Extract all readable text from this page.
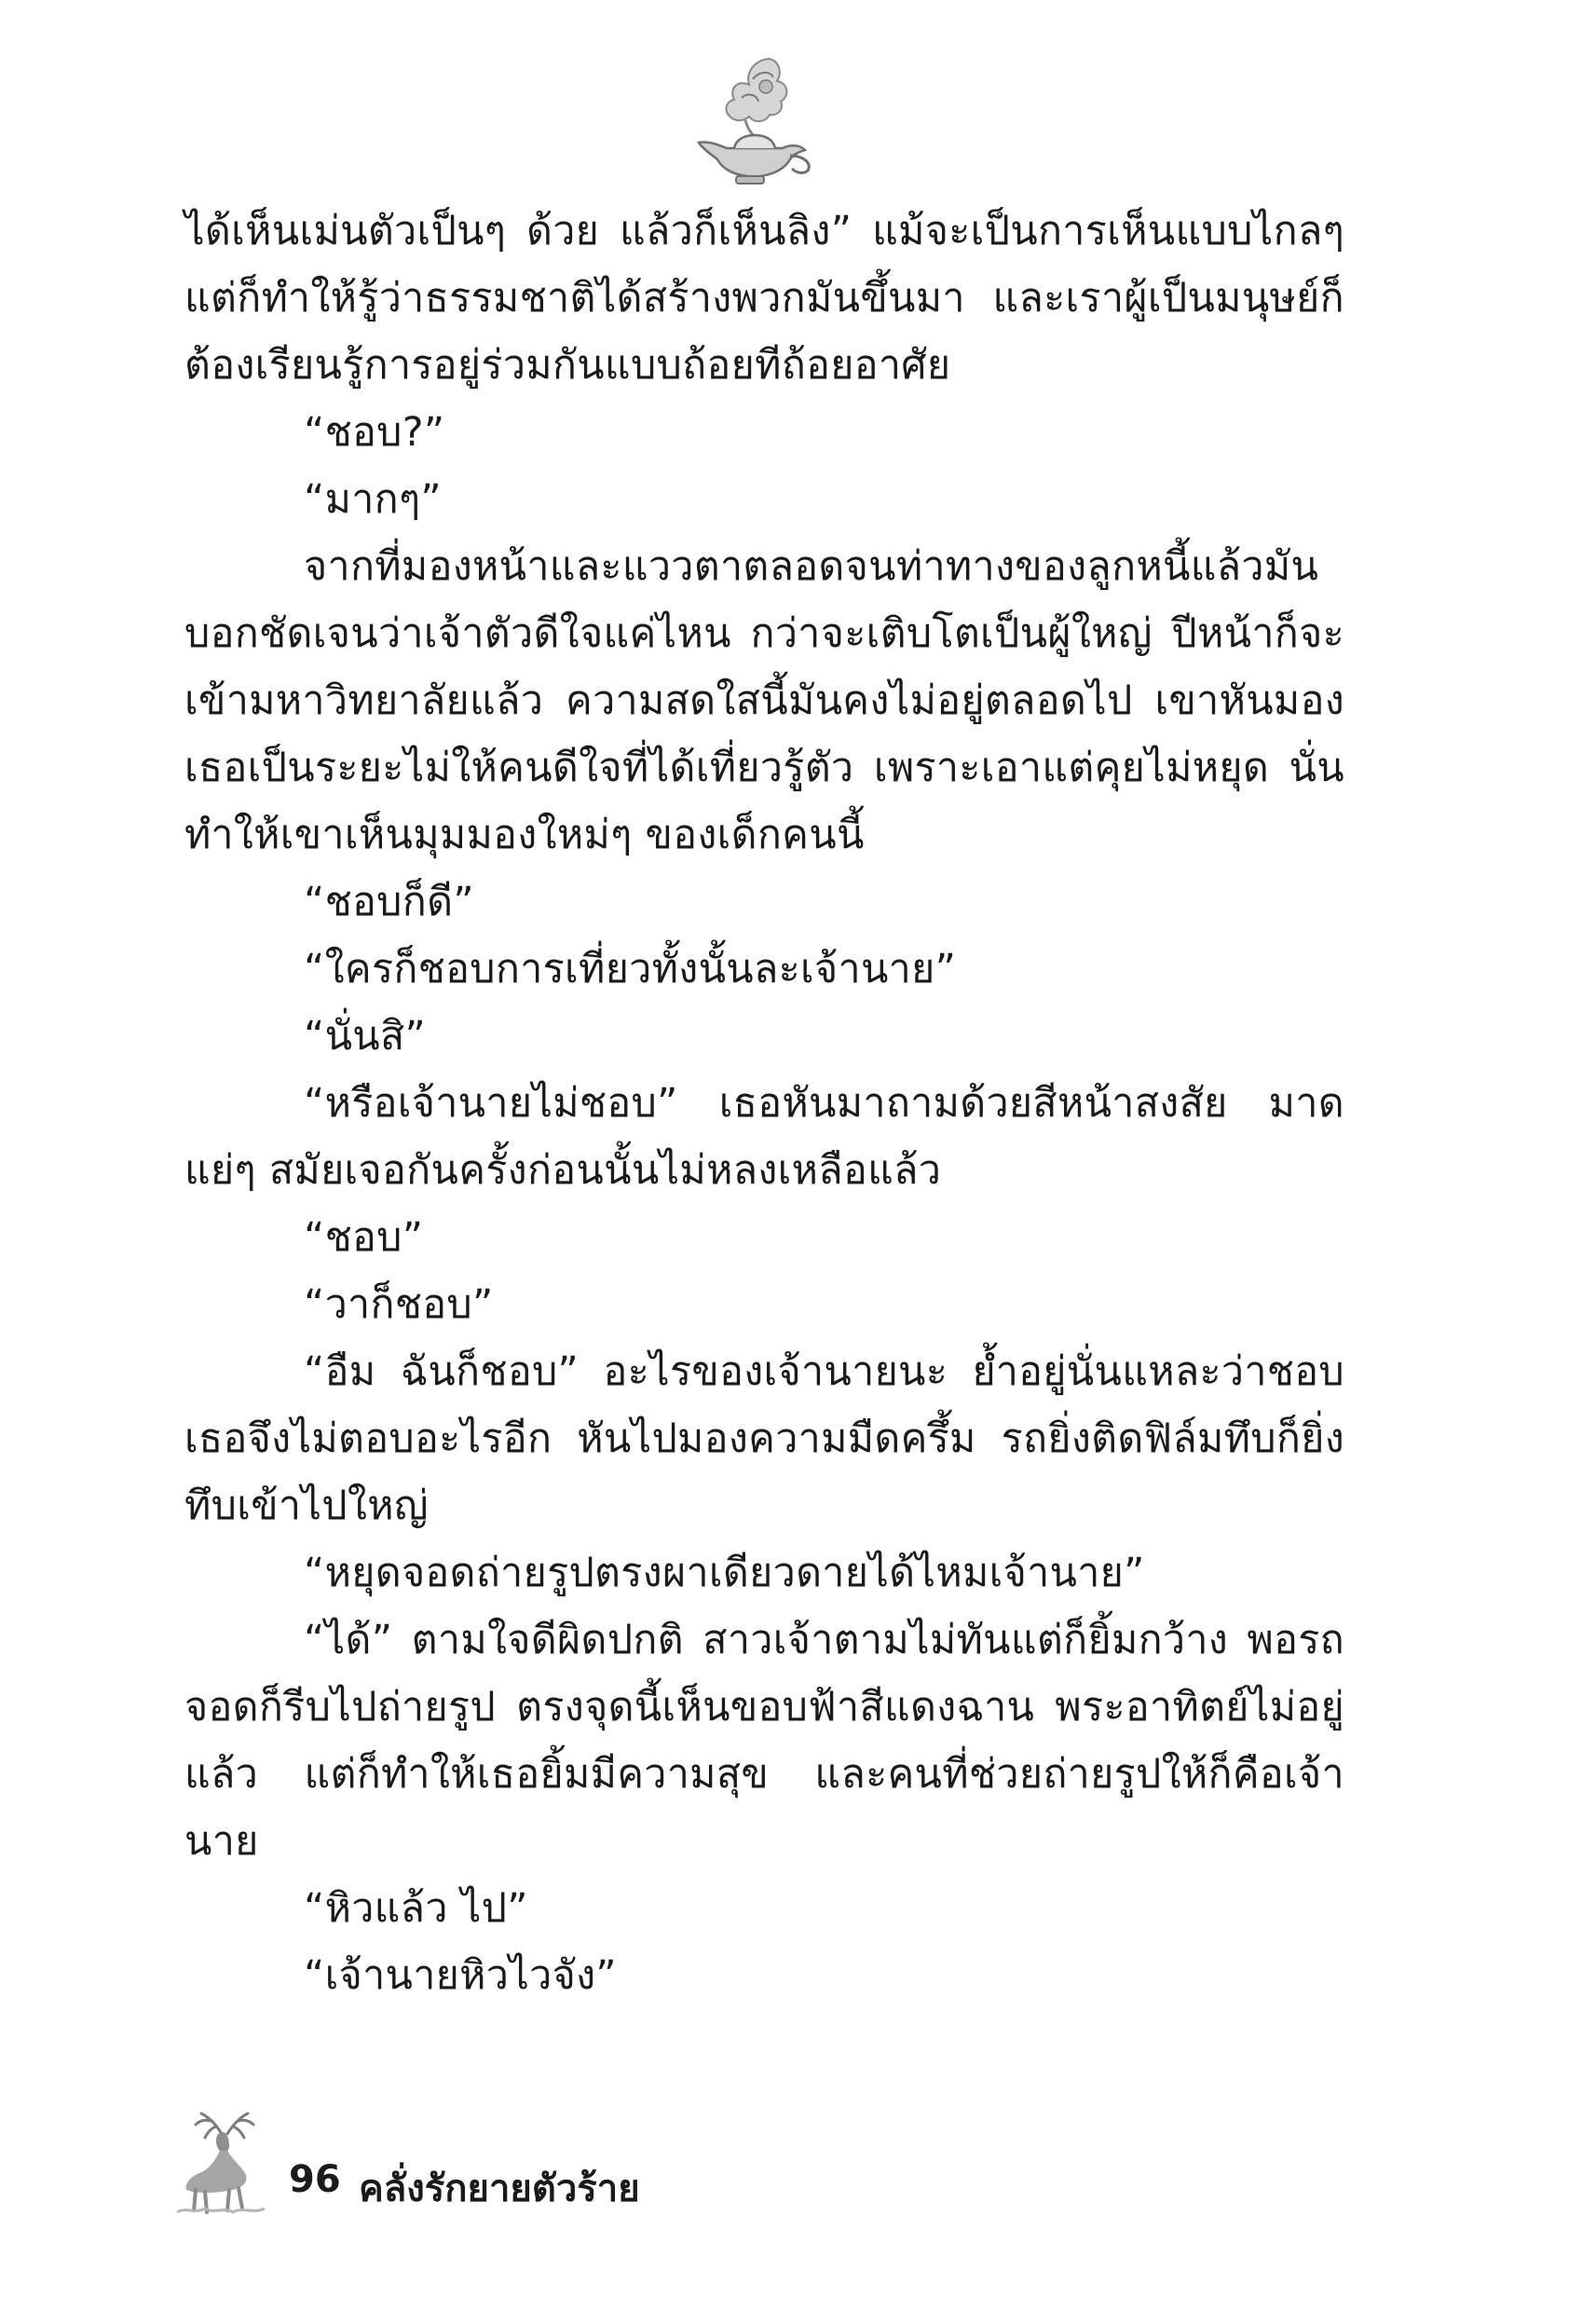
ได้เห็นเม่นตัวเป็นๆ ด้วย แล้วก็เห็นลิง” แม้จะเป็นการเห็นแบบไกลๆ แต่ก็ทำให้รู้ว่าธรรมชาติได้สร้างพวกมันขึ้นมา และเราผู้เป็นมนุษย์ก็ต้องเรียนรู้การอยู่ร่วมกันแบบถ้อยทีถ้อยอาศัย

“ชอบ?”

“มากๆ”

จากที่มองหน้าและแววตาตลอดจนท่าทางของลูกหนี้แล้วมันบอกชัดเจนว่าเจ้าตัวดีใจแค่ไหน กว่าจะเติบโตเป็นผู้ใหญ่ ปีหน้าก็จะเข้ามหาวิทยาลัยแล้ว ความสดใสนี้มันคงไม่อยู่ตลอดไป เขาหันมองเธอเป็นระยะไม่ให้คนดีใจที่ได้เที่ยวรู้ตัว เพราะเอาแต่คุยไม่หยุด นั่นทำให้เขาเห็นมุมมองใหม่ๆ ของเด็กคนนี้

“ชอบก็ดี”

“ใครก็ชอบการเที่ยวทั้งนั้นละเจ้านาย”

“นั่นสิ”

“หรือเจ้านายไม่ชอบ” เธอหันมาถามด้วยสีหน้าสงสัย มาดแย่ๆ สมัยเจอกันครั้งก่อนนั้นไม่หลงเหลือแล้ว

“ชอบ”

“วาก็ชอบ”

“อืม ฉันก็ชอบ” อะไรของเจ้านายนะ ย้ำอยู่นั่นแหละว่าชอบ เธอจึงไม่ตอบอะไรอีก หันไปมองความมืดครึ้ม รถยิ่งติดฟิล์มทึบก็ยิ่งทึบเข้าไปใหญ่

“หยุดจอดถ่ายรูปตรงผาเดียวดายได้ไหมเจ้านาย”

“ได้” ตามใจดีผิดปกติ สาวเจ้าตามไม่ทันแต่ก็ยิ้มกว้าง พอรถจอดก็รีบไปถ่ายรูป ตรงจุดนี้เห็นขอบฟ้าสีแดงฉาน พระอาทิตย์ไม่อยู่แล้ว แต่ก็ทำให้เธอยิ้มมีความสุข และคนที่ช่วยถ่ายรูปให้ก็คือเจ้านาย

“หิวแล้ว ไป”

“เจ้านายหิวไวจัง”

96 คลั่งรักยายตัวร้าย
